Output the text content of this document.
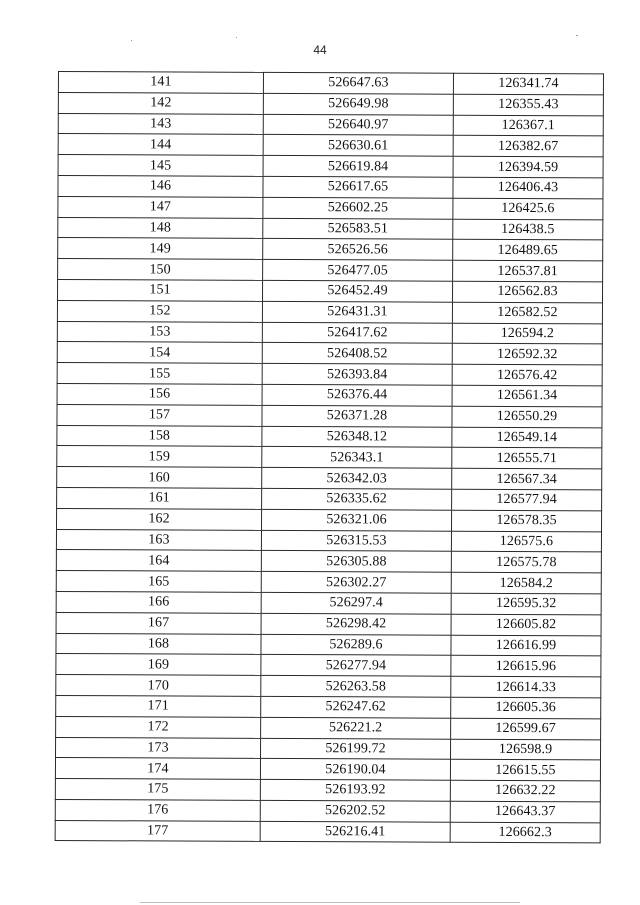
44
141	526647.63	126341.74
142	526649.98	126355.43
143	526640.97	126367.1
144	526630.61	126382.67
145	526619.84	126394.59
146	526617.65	126406.43
147	526602.25	126425.6
148	526583.51	126438.5
149	526526.56	126489.65
150	526477.05	126537.81
151	526452.49	126562.83
152	526431.31	126582.52
153	526417.62	126594.2
154	526408.52	126592.32
155	526393.84	126576.42
156	526376.44	126561.34
157	526371.28	126550.29
158	526348.12	126549.14
159	526343.1	126555.71
160	526342.03	126567.34
161	526335.62	126577.94
162	526321.06	126578.35
163	526315.53	126575.6
164	526305.88	126575.78
165	526302.27	126584.2
166	526297.4	126595.32
167	526298.42	126605.82
168	526289.6	126616.99
169	526277.94	126615.96
170	526263.58	126614.33
171	526247.62	126605.36
172	526221.2	126599.67
173	526199.72	126598.9
174	526190.04	126615.55
175	526193.92	126632.22
176	526202.52	126643.37
177	526216.41	126662.3
